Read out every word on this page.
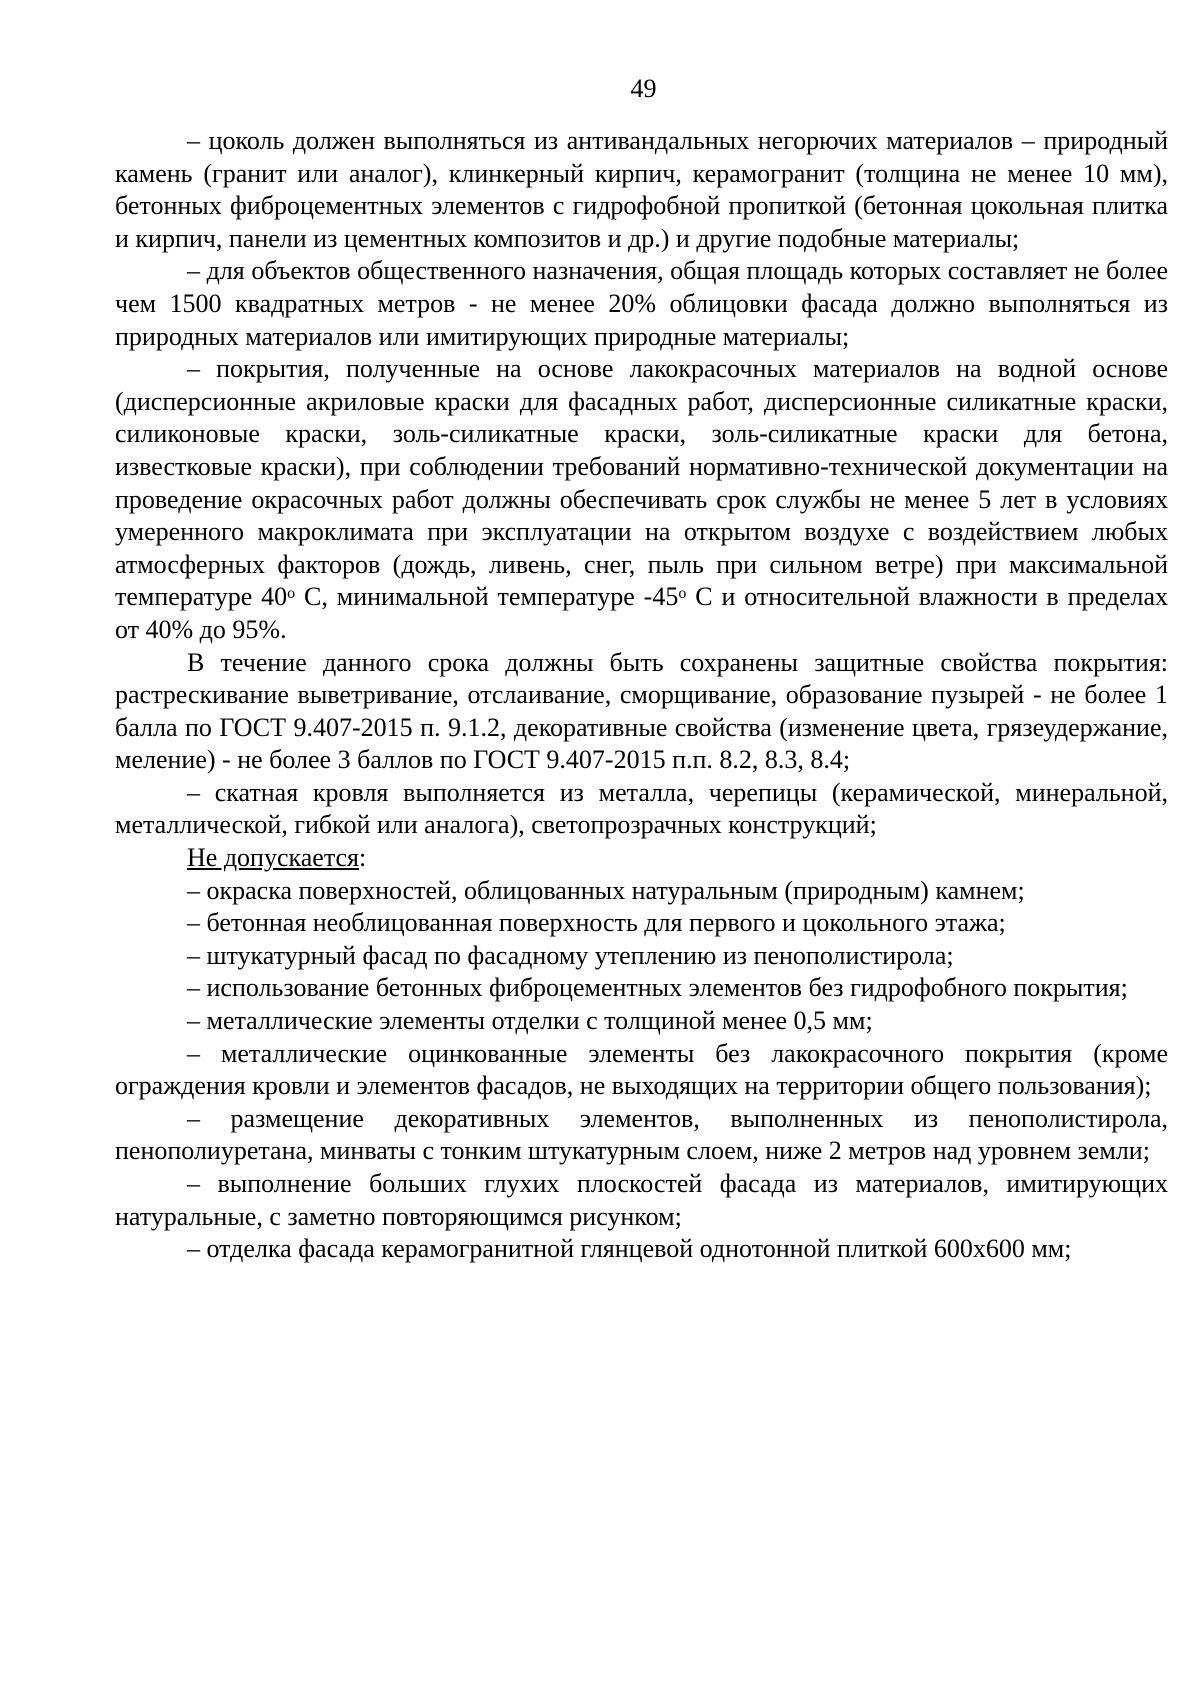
49

– цоколь должен выполняться из антивандальных негорючих материалов – природный камень (гранит или аналог), клинкерный кирпич, керамогранит (толщина не менее 10 мм), бетонных фиброцементных элементов с гидрофобной пропиткой (бетонная цокольная плитка и кирпич, панели из цементных композитов и др.) и другие подобные материалы;

– для объектов общественного назначения, общая площадь которых составляет не более чем 1500 квадратных метров - не менее 20% облицовки фасада должно выполняться из природных материалов или имитирующих природные материалы;

– покрытия, полученные на основе лакокрасочных материалов на водной основе (дисперсионные акриловые краски для фасадных работ, дисперсионные силикатные краски, силиконовые краски, золь-силикатные краски, золь-силикатные краски для бетона, известковые краски), при соблюдении требований нормативно-технической документации на проведение окрасочных работ должны обеспечивать срок службы не менее 5 лет в условиях умеренного макроклимата при эксплуатации на открытом воздухе с воздействием любых атмосферных факторов (дождь, ливень, снег, пыль при сильном ветре) при максимальной температуре 40$^o$ С, минимальной температуре -45$^o$ С и относительной влажности в пределах от 40% до 95%.

В течение данного срока должны быть сохранены защитные свойства покрытия: растрескивание выветривание, отслаивание, сморщивание, образование пузырей - не более 1 балла по ГОСТ 9.407-2015 п. 9.1.2, декоративные свойства (изменение цвета, грязеудержание, меление) - не более 3 баллов по ГОСТ 9.407-2015 п.п. 8.2, 8.3, 8.4;

– скатная кровля выполняется из металла, черепицы (керамической, минеральной, металлической, гибкой или аналога), светопрозрачных конструкций;

Не допускается:

– окраска поверхностей, облицованных натуральным (природным) камнем;

– бетонная необлицованная поверхность для первого и цокольного этажа;

– штукатурный фасад по фасадному утеплению из пенополистирола;

– использование бетонных фиброцементных элементов без гидрофобного покрытия;

– металлические элементы отделки с толщиной менее 0,5 мм;

– металлические оцинкованные элементы без лакокрасочного покрытия (кроме ограждения кровли и элементов фасадов, не выходящих на территории общего пользования);

– размещение декоративных элементов, выполненных из пенополистирола, пенополиуретана, минваты с тонким штукатурным слоем, ниже 2 метров над уровнем земли;

– выполнение больших глухих плоскостей фасада из материалов, имитирующих натуральные, с заметно повторяющимся рисунком;

– отделка фасада керамогранитной глянцевой однотонной плиткой 600х600 мм;
